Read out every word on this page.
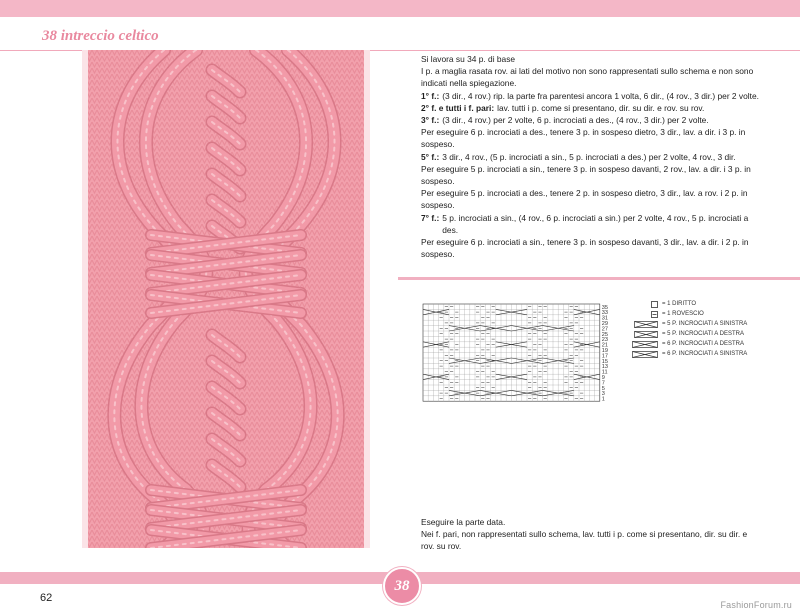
38 intreccio celtico

Si lavora su 34 p. di base

I p. a maglia rasata rov. ai lati del motivo non sono rappresentati sullo schema e non sono indicati nella spiegazione.

1° f.: (3 dir., 4 rov.) rip. la parte fra parentesi ancora 1 volta, 6 dir., (4 rov., 3 dir.) per 2 volte.
2° f. e tutti i f. pari: lav. tutti i p. come si presentano, dir. su dir. e rov. su rov.
3° f.: (3 dir., 4 rov.) per 2 volte, 6 p. incrociati a des., (4 rov., 3 dir.) per 2 volte.

Per eseguire 6 p. incrociati a des., tenere 3 p. in sospeso dietro, 3 dir., lav. a dir. i 3 p. in sospeso.

5° f.: 3 dir., 4 rov., (5 p. incrociati a sin., 5 p. incrociati a des.) per 2 volte, 4 rov., 3 dir.

Per eseguire 5 p. incrociati a sin., tenere 3 p. in sospeso davanti, 2 rov., lav. a dir. i 3 p. in sospeso.

Per eseguire 5 p. incrociati a des., tenere 2 p. in sospeso dietro, 3 dir., lav. a rov. i 2 p. in sospeso.

7° f.: 5 p. incrociati a sin., (4 rov., 6 p. incrociati a sin.) per 2 volte, 4 rov., 5 p. incrociati a des.

Per eseguire 6 p. incrociati a sin., tenere 3 p. in sospeso davanti, 3 dir., lav. a dir. i 2 p. in sospeso.

35
33
31
29
27
25
23
21
19
17
15
13
11
9
7
5
3
1
= 1 DIRITTO
= 1 ROVESCIO
= 5 P. INCROCIATI A SINISTRA
= 5 P. INCROCIATI A DESTRA
= 6 P. INCROCIATI A DESTRA
= 6 P. INCROCIATI A SINISTRA

Eseguire la parte data.

Nei f. pari, non rappresentati sullo schema, lav. tutti i p. come si presentano, dir. su dir. e rov. su rov.

38
62
FashionForum.ru
